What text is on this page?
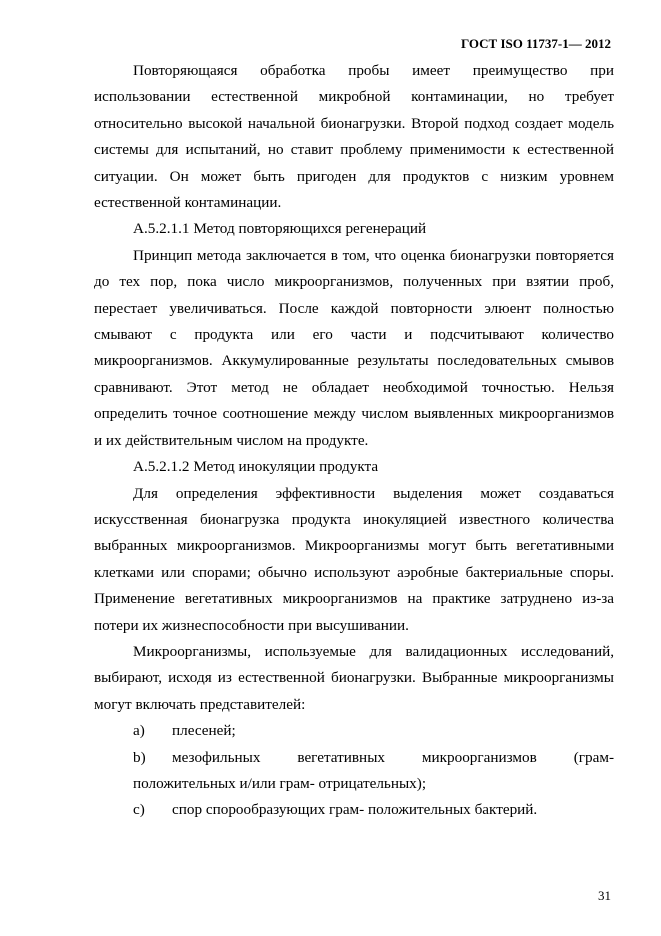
ГОСТ ISO 11737-1— 2012

Повторяющаяся обработка пробы имеет преимущество при использовании естественной микробной контаминации, но требует относительно высокой начальной бионагрузки. Второй подход создает модель системы для испытаний, но ставит проблему применимости к естественной ситуации. Он может быть пригоден для продуктов с низким уровнем естественной контаминации.

А.5.2.1.1 Метод повторяющихся регенераций

Принцип метода заключается в том, что оценка бионагрузки повторяется до тех пор, пока число микроорганизмов, полученных при взятии проб, перестает увеличиваться. После каждой повторности элюент полностью смывают с продукта или его части и подсчитывают количество микроорганизмов. Аккумулированные результаты последовательных смывов сравнивают. Этот метод не обладает необходимой точностью. Нельзя определить точное соотношение между числом выявленных микроорганизмов и их действительным числом на продукте.

А.5.2.1.2 Метод инокуляции продукта

Для определения эффективности выделения может создаваться искусственная бионагрузка продукта инокуляцией известного количества выбранных микроорганизмов. Микроорганизмы могут быть вегетативными клетками или спорами; обычно используют аэробные бактериальные споры. Применение вегетативных микроорганизмов на практике затруднено из-за потери их жизнеспособности при высушивании.

Микроорганизмы, используемые для валидационных исследований, выбирают, исходя из естественной бионагрузки. Выбранные микроорганизмы могут включать представителей:

a) плесеней;

b) мезофильных вегетативных микроорганизмов (грам- положительных и/или грам- отрицательных);

c) спор спорообразующих грам- положительных бактерий.

31
